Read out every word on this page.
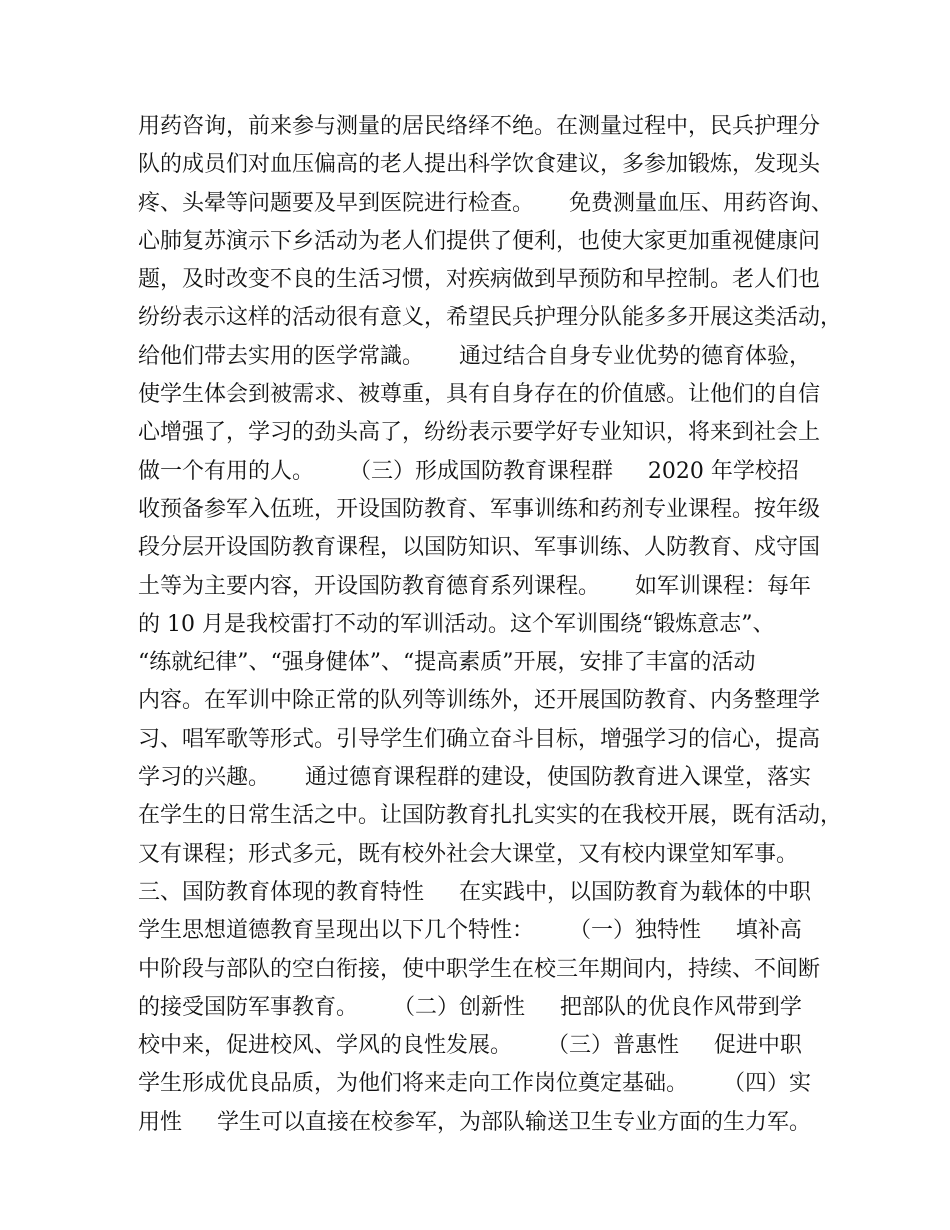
用药咨询，前来参与测量的居民络绎不绝。在测量过程中，民兵护理分
队的成员们对血压偏高的老人提出科学饮食建议，多参加锻炼，发现头
疼、头晕等问题要及早到医院进行检查。     免费测量血压、用药咨询、
心肺复苏演示下乡活动为老人们提供了便利，也使大家更加重视健康问
题，及时改变不良的生活习惯，对疾病做到早预防和早控制。老人们也
纷纷表示这样的活动很有意义，希望民兵护理分队能多多开展这类活动，
给他们带去实用的医学常識。     通过结合自身专业优势的德育体验，
使学生体会到被需求、被尊重，具有自身存在的价值感。让他们的自信
心增强了，学习的劲头高了，纷纷表示要学好专业知识，将来到社会上
做一个有用的人。     （三）形成国防教育课程群     2020 年学校招
收预备参军入伍班，开设国防教育、军事训练和药剂专业课程。按年级
段分层开设国防教育课程，以国防知识、军事训练、人防教育、戍守国
土等为主要内容，开设国防教育德育系列课程。     如军训课程：每年
的 10 月是我校雷打不动的军训活动。这个军训围绕“锻炼意志”、
“练就纪律”、“强身健体”、“提高素质”开展，安排了丰富的活动
内容。在军训中除正常的队列等训练外，还开展国防教育、内务整理学
习、唱军歌等形式。引导学生们确立奋斗目标，增强学习的信心，提高
学习的兴趣。     通过德育课程群的建设，使国防教育进入课堂，落实
在学生的日常生活之中。让国防教育扎扎实实的在我校开展，既有活动，
又有课程；形式多元，既有校外社会大课堂，又有校内课堂知军事。
三、国防教育体现的教育特性     在实践中，以国防教育为载体的中职
学生思想道德教育呈现出以下几个特性：     （一）独特性     填补高
中阶段与部队的空白衔接，使中职学生在校三年期间内，持续、不间断
的接受国防军事教育。     （二）创新性     把部队的优良作风带到学
校中来，促进校风、学风的良性发展。     （三）普惠性     促进中职
学生形成优良品质，为他们将来走向工作岗位奠定基础。     （四）实
用性     学生可以直接在校参军，为部队输送卫生专业方面的生力军。
